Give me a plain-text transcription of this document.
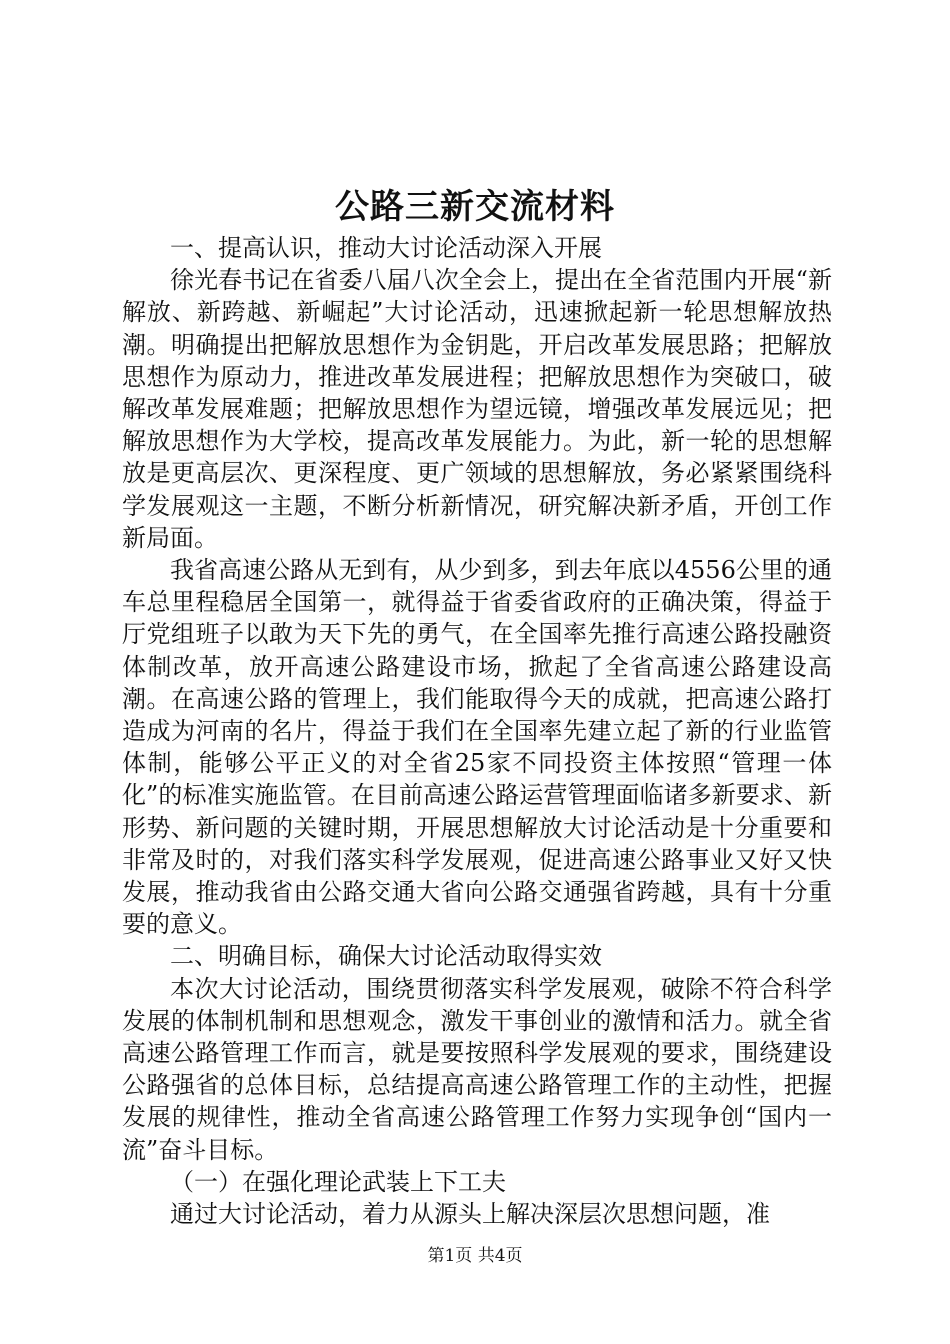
公路三新交流材料

一、提高认识，推动大讨论活动深入开展

徐光春书记在省委八届八次全会上，提出在全省范围内开展“新解放、新跨越、新崛起”大讨论活动，迅速掀起新一轮思想解放热潮。明确提出把解放思想作为金钥匙，开启改革发展思路；把解放思想作为原动力，推进改革发展进程；把解放思想作为突破口，破解改革发展难题；把解放思想作为望远镜，增强改革发展远见；把解放思想作为大学校，提高改革发展能力。为此，新一轮的思想解放是更高层次、更深程度、更广领域的思想解放，务必紧紧围绕科学发展观这一主题，不断分析新情况，研究解决新矛盾，开创工作新局面。

我省高速公路从无到有，从少到多，到去年底以4556公里的通车总里程稳居全国第一，就得益于省委省政府的正确决策，得益于厅党组班子以敢为天下先的勇气，在全国率先推行高速公路投融资体制改革，放开高速公路建设市场，掀起了全省高速公路建设高潮。在高速公路的管理上，我们能取得今天的成就，把高速公路打造成为河南的名片，得益于我们在全国率先建立起了新的行业监管体制，能够公平正义的对全省25家不同投资主体按照“管理一体化”的标准实施监管。在目前高速公路运营管理面临诸多新要求、新形势、新问题的关键时期，开展思想解放大讨论活动是十分重要和非常及时的，对我们落实科学发展观，促进高速公路事业又好又快发展，推动我省由公路交通大省向公路交通强省跨越，具有十分重要的意义。

二、明确目标，确保大讨论活动取得实效

本次大讨论活动，围绕贯彻落实科学发展观，破除不符合科学发展的体制机制和思想观念，激发干事创业的激情和活力。就全省高速公路管理工作而言，就是要按照科学发展观的要求，围绕建设公路强省的总体目标，总结提高高速公路管理工作的主动性，把握发展的规律性，推动全省高速公路管理工作努力实现争创“国内一流”奋斗目标。

（一）在强化理论武装上下工夫

通过大讨论活动，着力从源头上解决深层次思想问题，准

第1页 共4页
